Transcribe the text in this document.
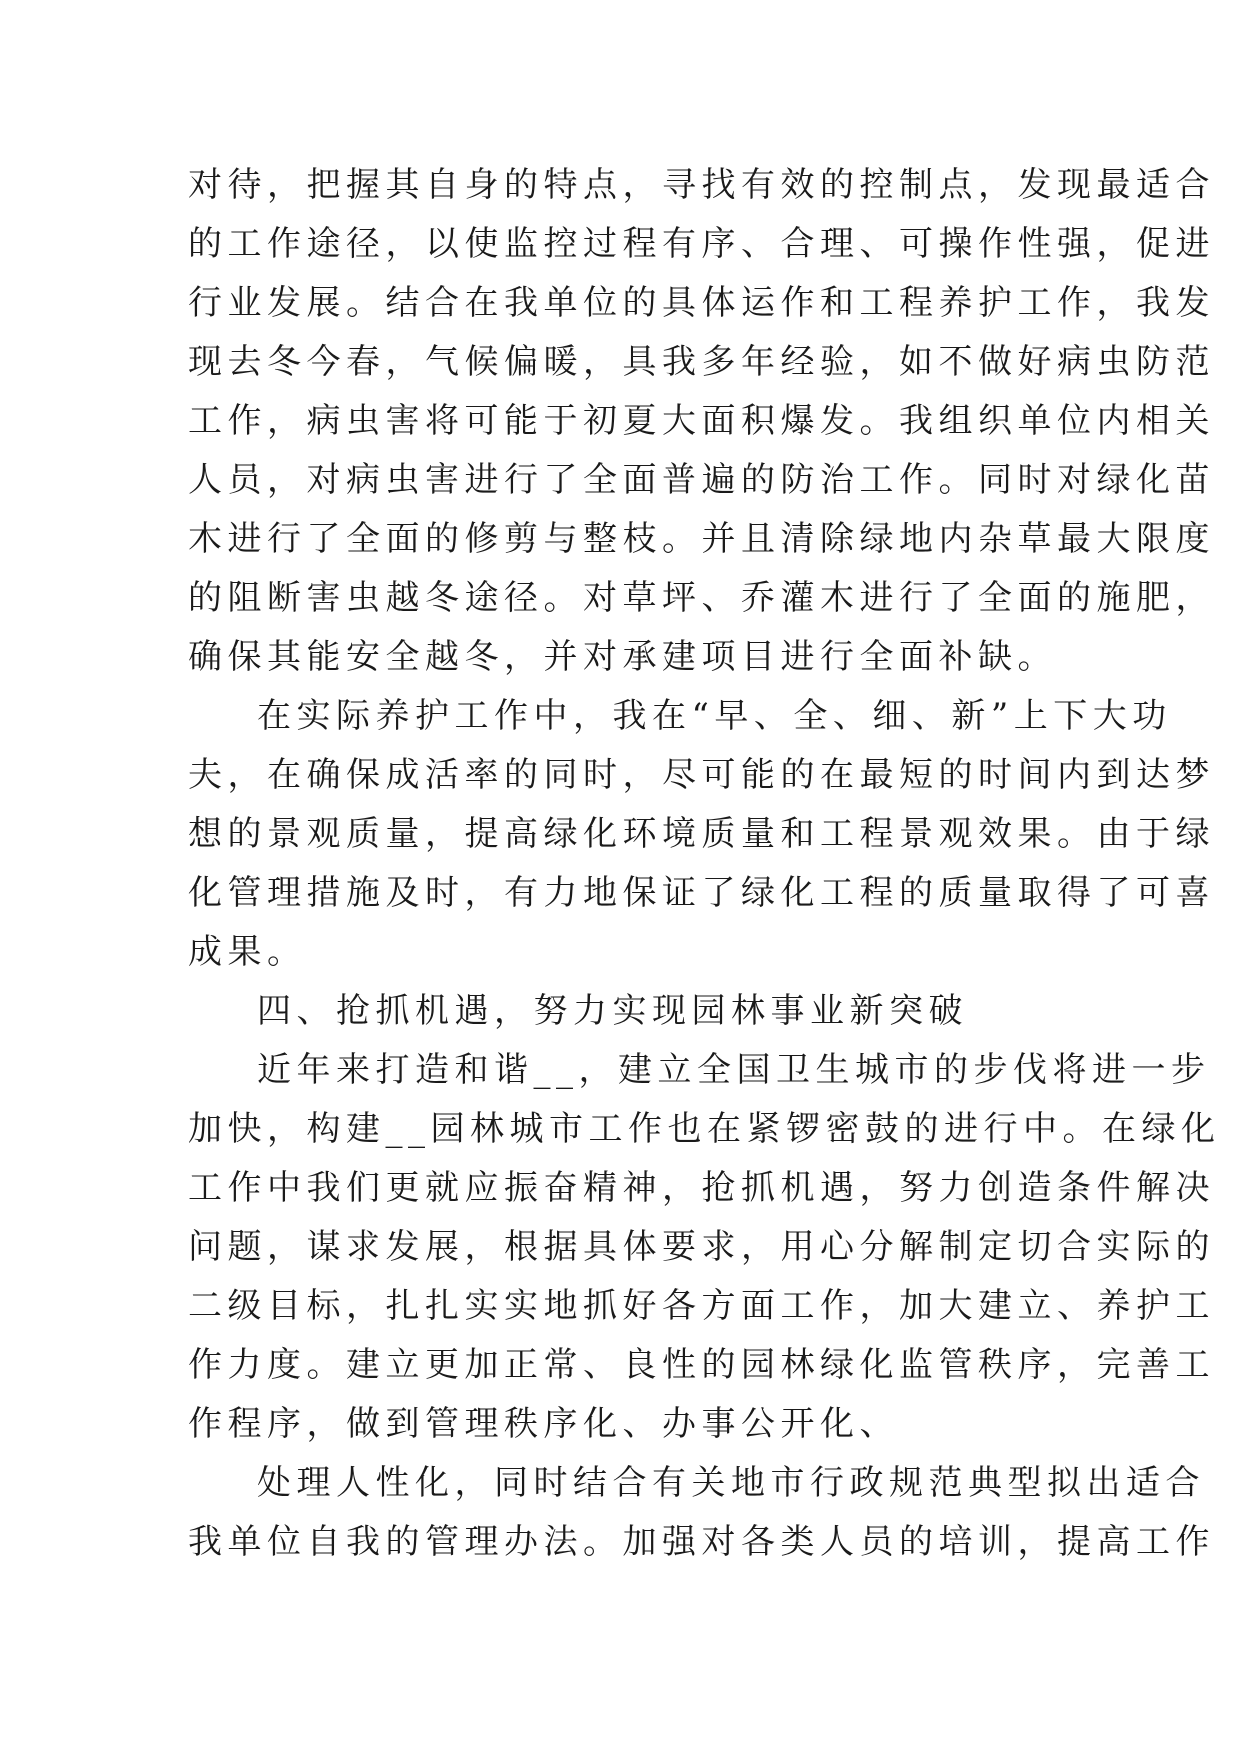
对待，把握其自身的特点，寻找有效的控制点，发现最适合
的工作途径，以使监控过程有序、合理、可操作性强，促进
行业发展。结合在我单位的具体运作和工程养护工作，我发
现去冬今春，气候偏暖，具我多年经验，如不做好病虫防范
工作，病虫害将可能于初夏大面积爆发。我组织单位内相关
人员，对病虫害进行了全面普遍的防治工作。同时对绿化苗
木进行了全面的修剪与整枝。并且清除绿地内杂草最大限度
的阻断害虫越冬途径。对草坪、乔灌木进行了全面的施肥，
确保其能安全越冬，并对承建项目进行全面补缺。
在实际养护工作中，我在“早、全、细、新”上下大功
夫，在确保成活率的同时，尽可能的在最短的时间内到达梦
想的景观质量，提高绿化环境质量和工程景观效果。由于绿
化管理措施及时，有力地保证了绿化工程的质量取得了可喜
成果。
四、抢抓机遇，努力实现园林事业新突破
近年来打造和谐__，建立全国卫生城市的步伐将进一步
加快，构建__园林城市工作也在紧锣密鼓的进行中。在绿化
工作中我们更就应振奋精神，抢抓机遇，努力创造条件解决
问题，谋求发展，根据具体要求，用心分解制定切合实际的
二级目标，扎扎实实地抓好各方面工作，加大建立、养护工
作力度。建立更加正常、良性的园林绿化监管秩序，完善工
作程序，做到管理秩序化、办事公开化、
处理人性化，同时结合有关地市行政规范典型拟出适合
我单位自我的管理办法。加强对各类人员的培训，提高工作
